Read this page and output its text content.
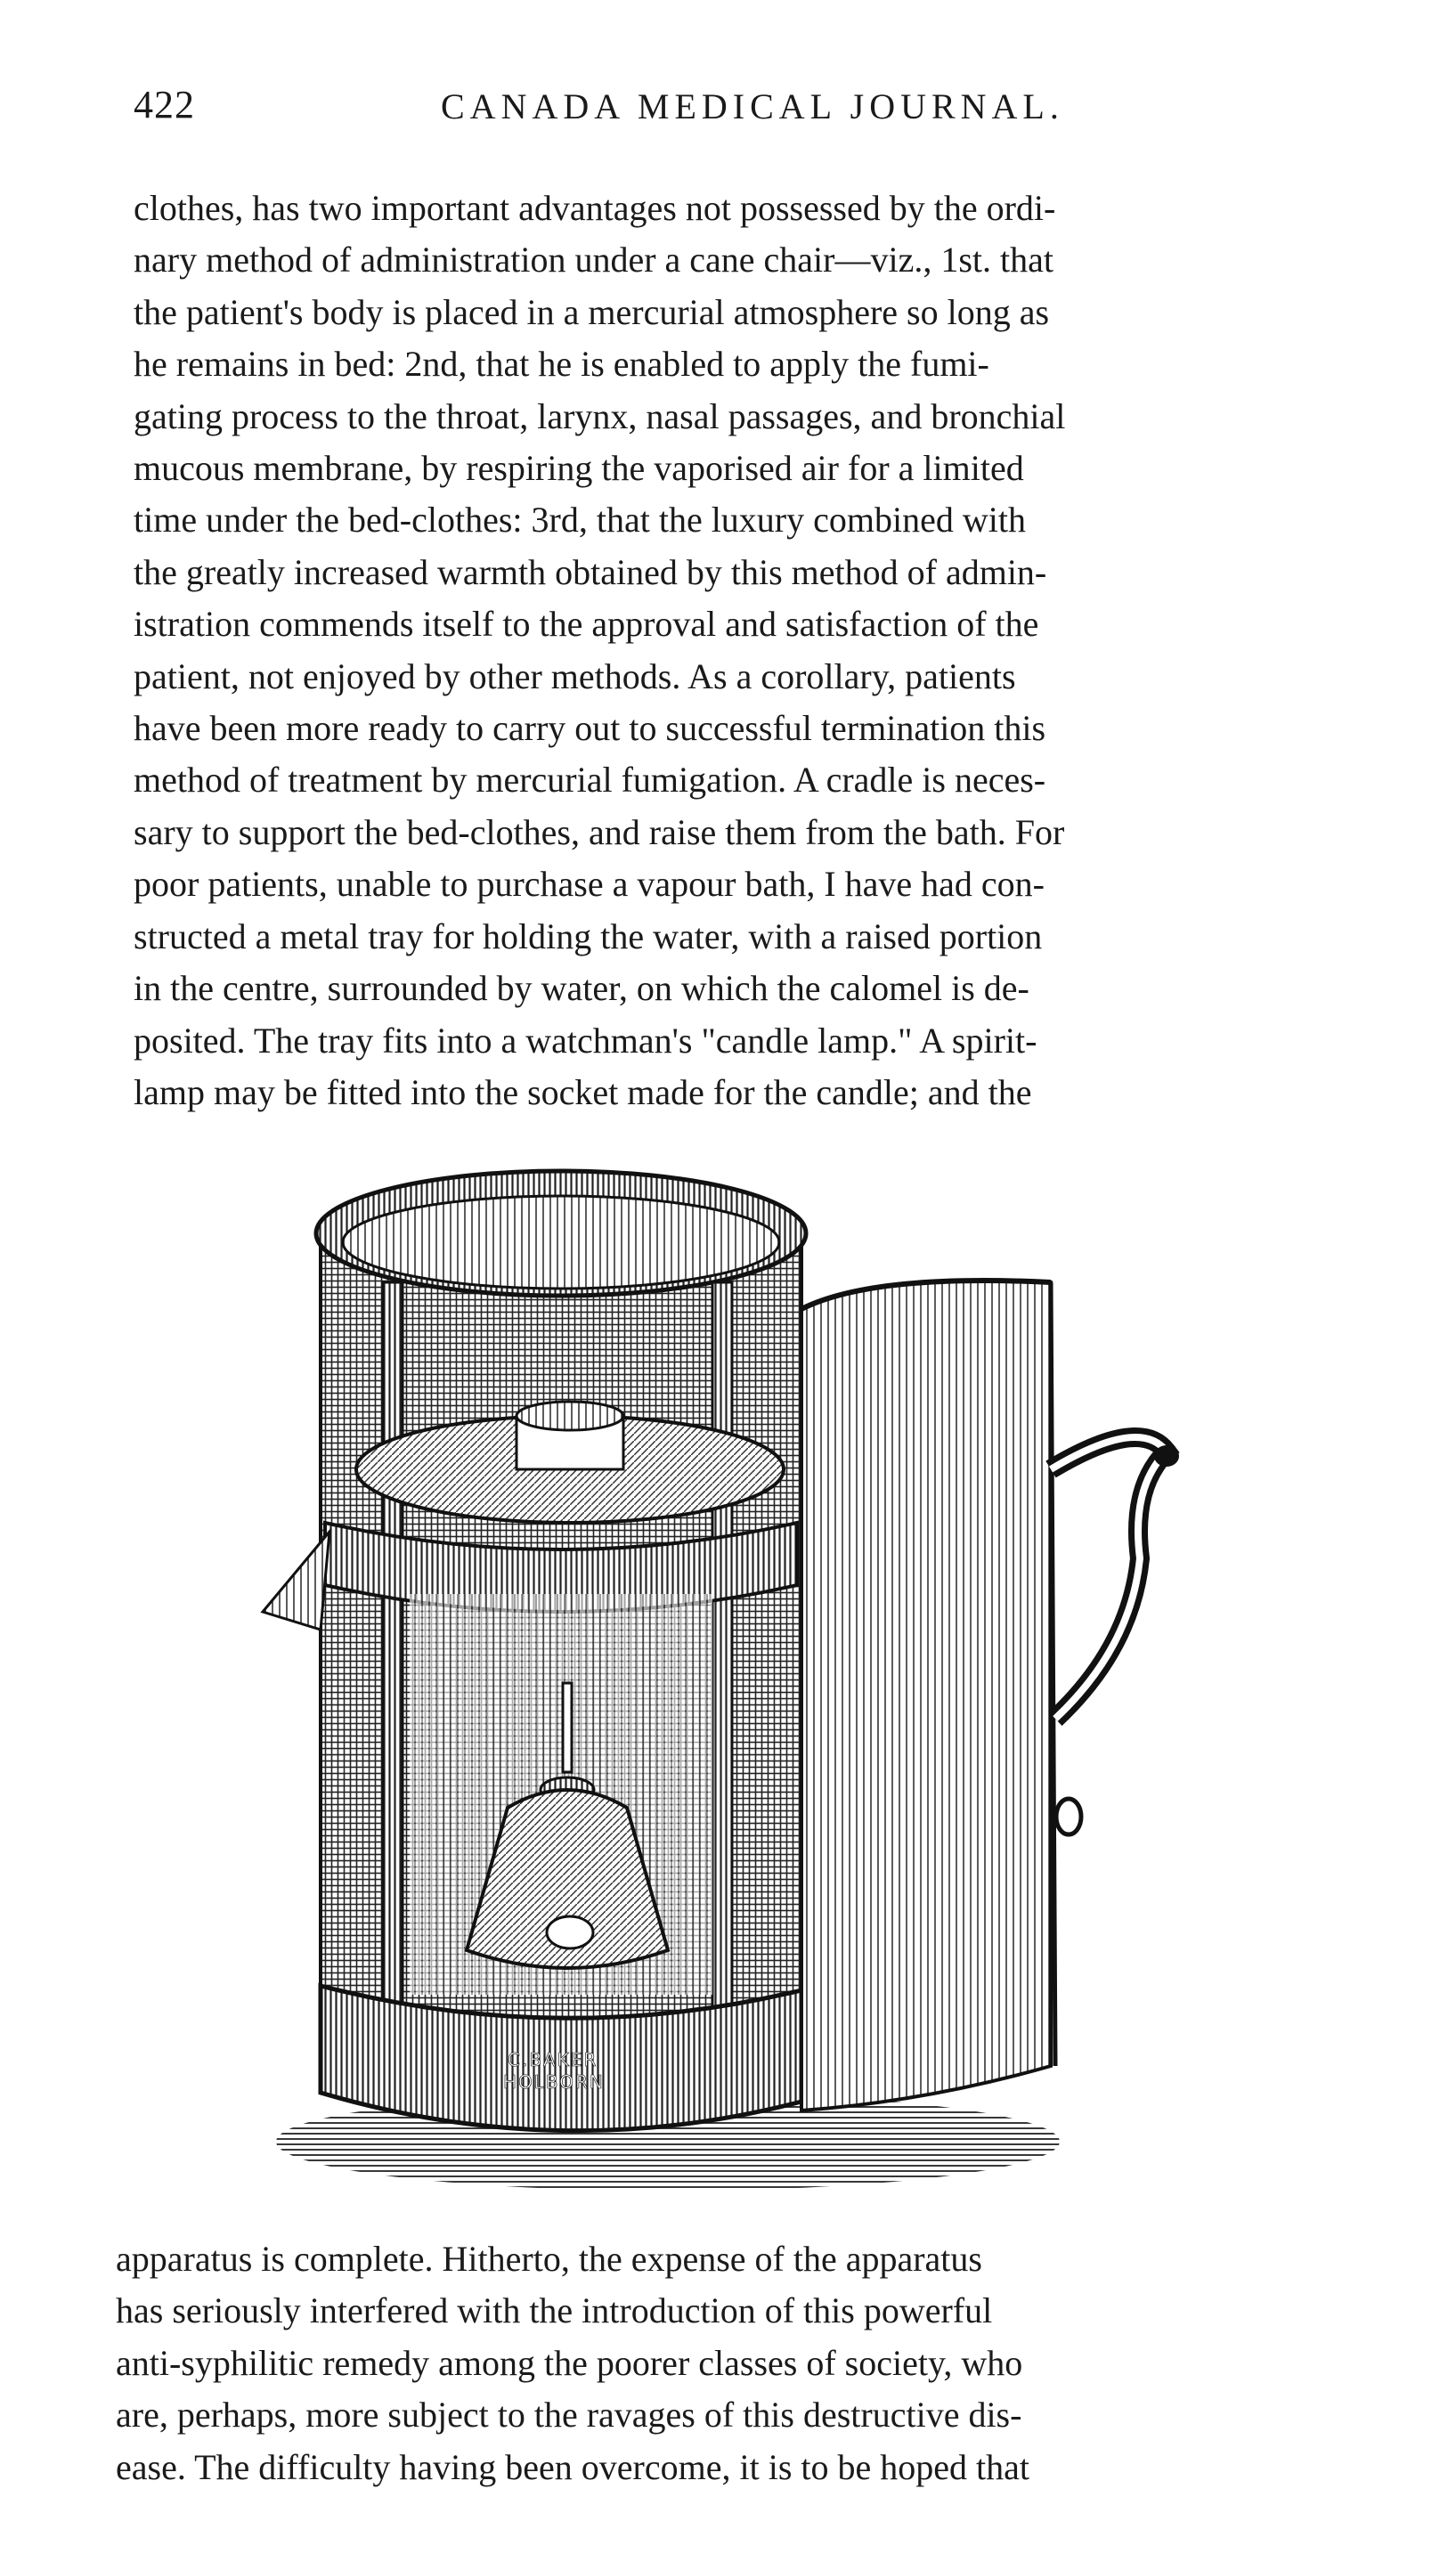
422	CANADA MEDICAL JOURNAL.
clothes, has two important advantages not possessed by the ordi-
nary method of administration under a cane chair—viz., 1st. that
the patient's body is placed in a mercurial atmosphere so long as
he remains in bed: 2nd, that he is enabled to apply the fumi-
gating process to the throat, larynx, nasal passages, and bronchial
mucous membrane, by respiring the vaporised air for a limited
time under the bed-clothes: 3rd, that the luxury combined with
the greatly increased warmth obtained by this method of admin-
istration commends itself to the approval and satisfaction of the
patient, not enjoyed by other methods. As a corollary, patients
have been more ready to carry out to successful termination this
method of treatment by mercurial fumigation. A cradle is neces-
sary to support the bed-clothes, and raise them from the bath. For
poor patients, unable to purchase a vapour bath, I have had con-
structed a metal tray for holding the water, with a raised portion
in the centre, surrounded by water, on which the calomel is de-
posited. The tray fits into a watchman's "candle lamp." A spirit-
lamp may be fitted into the socket made for the candle; and the
C.BAKER
HOLBORN
apparatus is complete. Hitherto, the expense of the apparatus
has seriously interfered with the introduction of this powerful
anti-syphilitic remedy among the poorer classes of society, who
are, perhaps, more subject to the ravages of this destructive dis-
ease. The difficulty having been overcome, it is to be hoped that
